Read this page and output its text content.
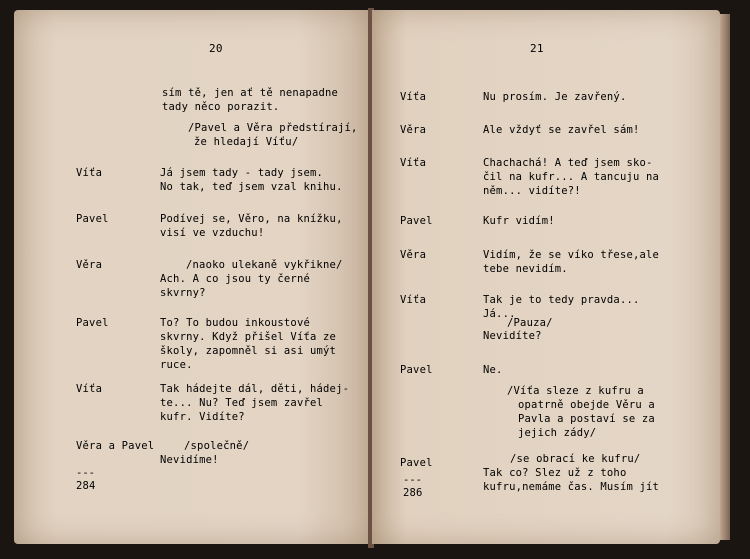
20
sím tě, jen ať tě nenapadne
tady něco porazit.
/Pavel a Věra předstírají,
že hledají Víťu/
Víťa	Já jsem tady - tady jsem.
No tak, teď jsem vzal knihu.
Pavel	Podívej se, Věro, na knížku,
visí ve vzduchu!
Věra	/naoko ulekaně vykřikne/
Ach. A co jsou ty černé
skvrny?
Pavel	To? To budou inkoustové
skvrny. Když přišel Víťa ze
školy, zapomněl si asi umýt
ruce.
Víťa	Tak hádejte dál, děti, hádej-
te... Nu? Teď jsem zavřel
kufr. Vidíte?
Věra a Pavel	/společně/
Nevidíme!
---
284
21
Víťa	Nu prosím. Je zavřený.
Věra	Ale vždyť se zavřel sám!
Víťa	Chachachá! A teď jsem sko-
čil na kufr... A tancuju na
něm... vidíte?!
Pavel	Kufr vidím!
Věra	Vidím, že se víko třese,ale
tebe nevidím.
Víťa	Tak je to tedy pravda...
Já...
/Pauza/
Nevidíte?
Pavel	Ne.
/Víťa sleze z kufru a
opatrně obejde Věru a
Pavla a postaví se za
jejich zády/
Pavel	/se obrací ke kufru/
Tak co? Slez už z toho
kufru,nemáme čas. Musím jít
---
286
